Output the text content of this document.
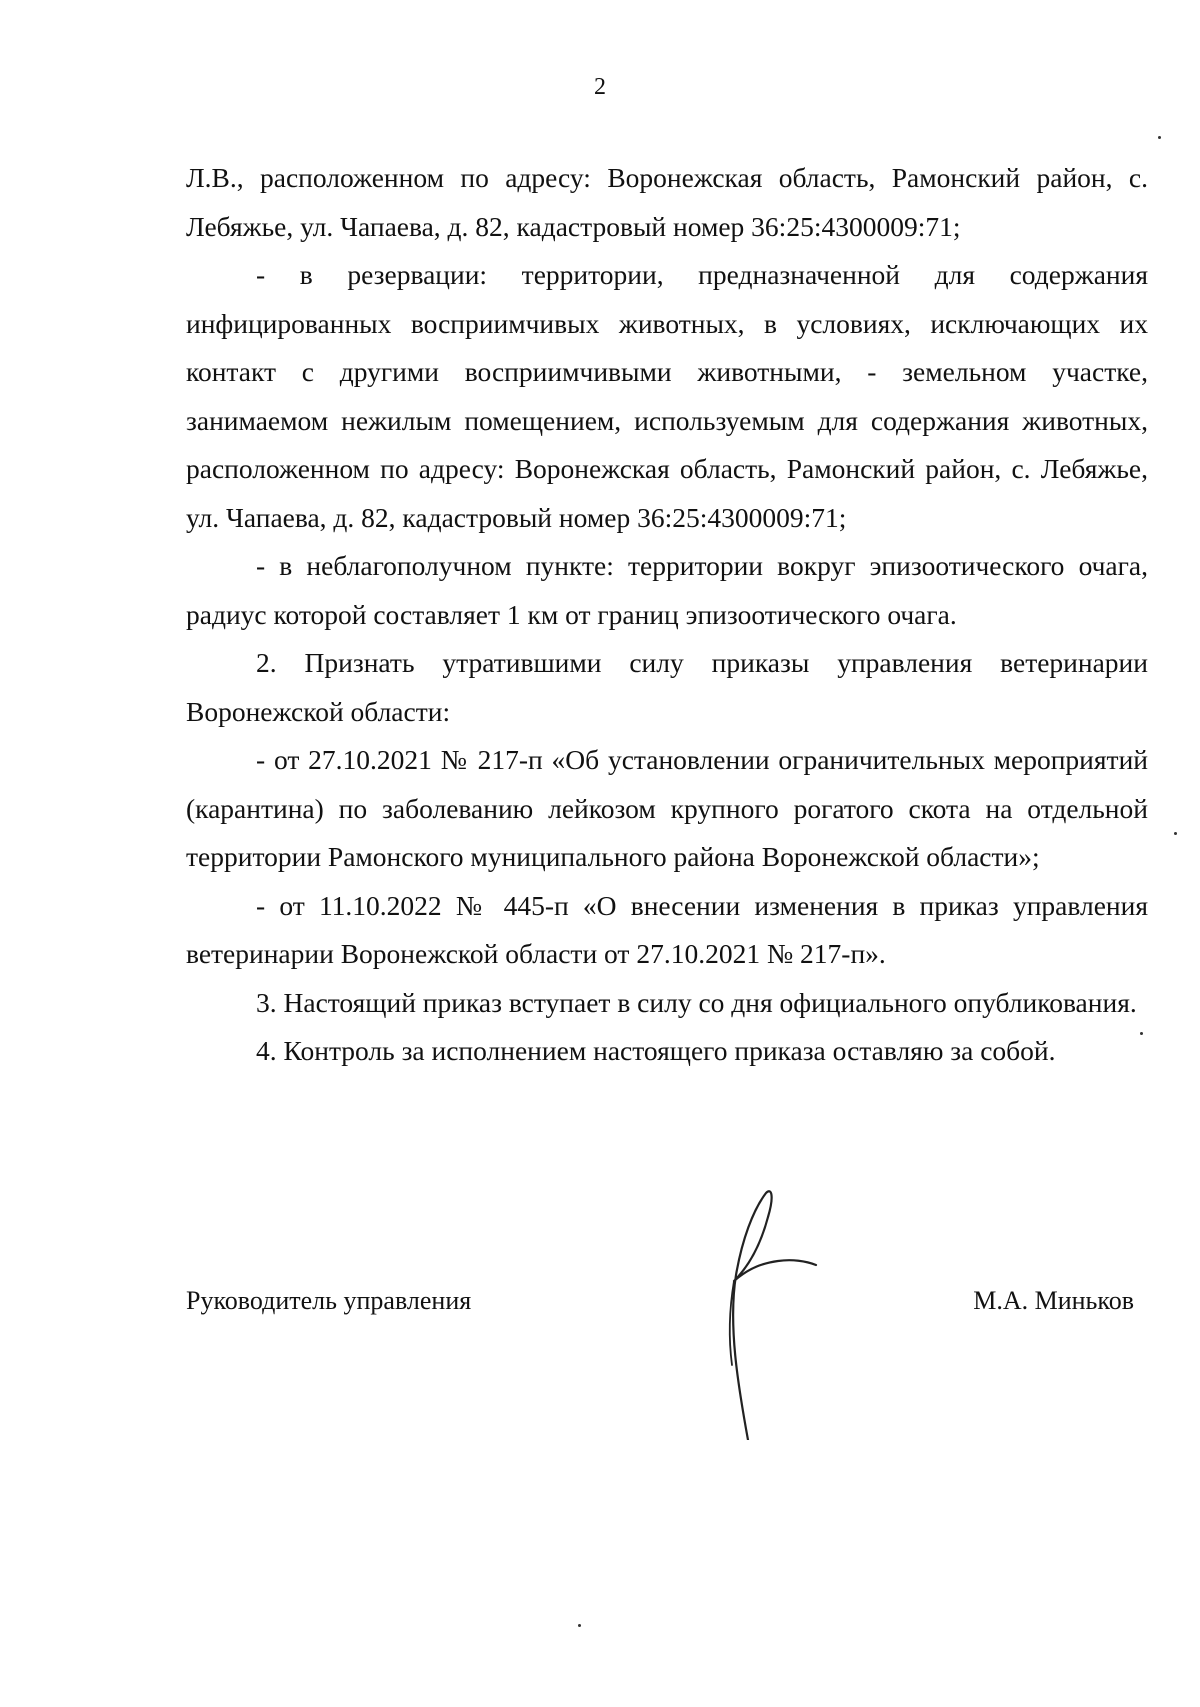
2

Л.В., расположенном по адресу: Воронежская область, Рамонский район, с. Лебяжье, ул. Чапаева, д. 82, кадастровый номер 36:25:4300009:71;

- в резервации: территории, предназначенной для содержания инфицированных восприимчивых животных, в условиях, исключающих их контакт с другими восприимчивыми животными, - земельном участке, занимаемом нежилым помещением, используемым для содержания животных, расположенном по адресу: Воронежская область, Рамонский район, с. Лебяжье, ул. Чапаева, д. 82, кадастровый номер 36:25:4300009:71;

- в неблагополучном пункте: территории вокруг эпизоотического очага, радиус которой составляет 1 км от границ эпизоотического очага.

2. Признать утратившими силу приказы управления ветеринарии Воронежской области:

- от 27.10.2021 № 217-п «Об установлении ограничительных мероприятий (карантина) по заболеванию лейкозом крупного рогатого скота на отдельной территории Рамонского муниципального района Воронежской области»;

- от 11.10.2022 № 445-п «О внесении изменения в приказ управления ветеринарии Воронежской области от 27.10.2021 № 217-п».

3. Настоящий приказ вступает в силу со дня официального опубликования.

4. Контроль за исполнением настоящего приказа оставляю за собой.

Руководитель управления	М.А. Миньков
